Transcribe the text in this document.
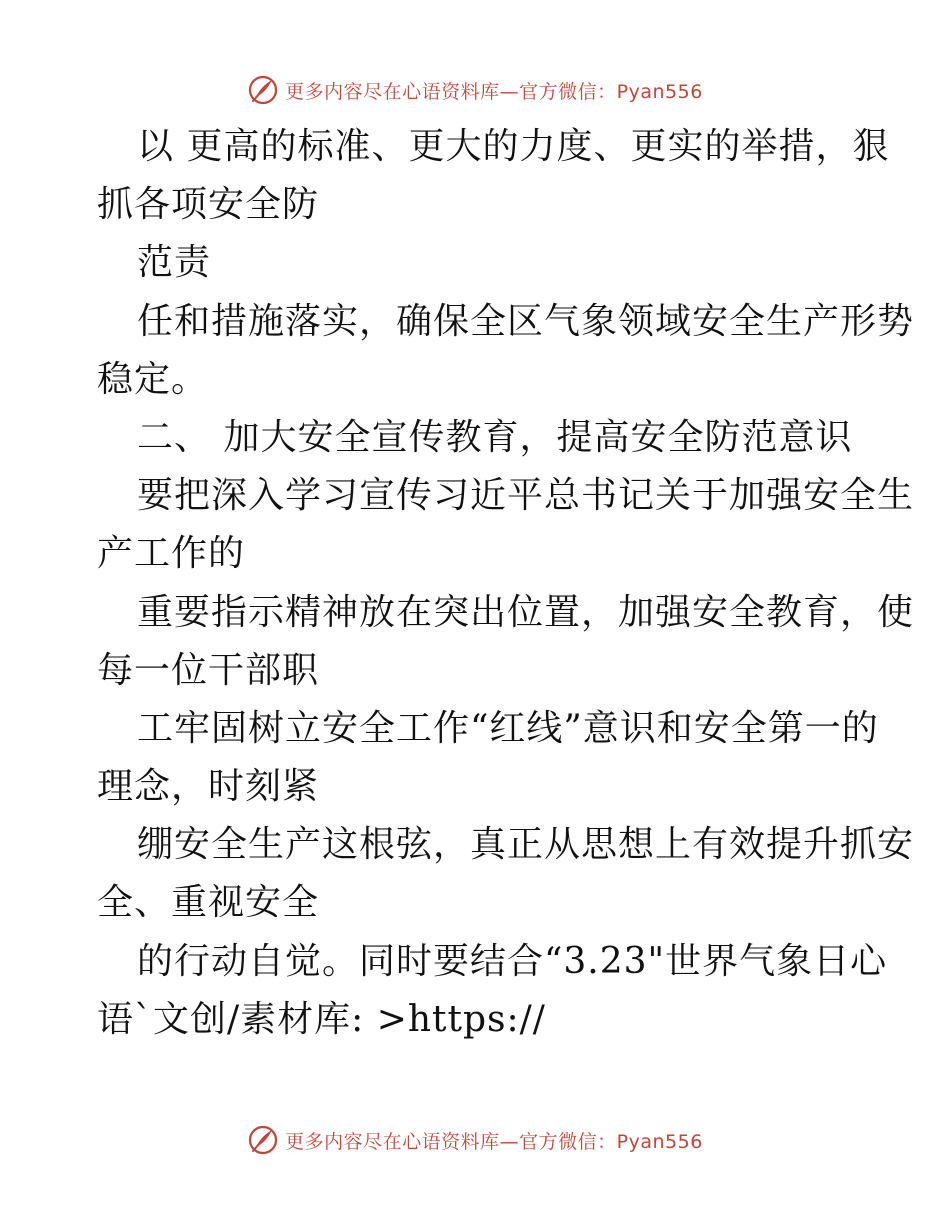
更多内容尽在心语资料库—官方微信：Pyan556
以 更高的标准、更大的力度、更实的举措，狠
抓各项安全防
范责
任和措施落实，确保全区气象领域安全生产形势
稳定。
二、 加大安全宣传教育，提高安全防范意识
要把深入学习宣传习近平总书记关于加强安全生
产工作的
重要指示精神放在突出位置，加强安全教育，使
每一位干部职
工牢固树立安全工作“红线”意识和安全第一的
理念，时刻紧
绷安全生产这根弦，真正从思想上有效提升抓安
全、重视安全
的行动自觉。同时要结合“3.23"世界气象日心
语`文创/素材库: >https://
更多内容尽在心语资料库—官方微信：Pyan556
